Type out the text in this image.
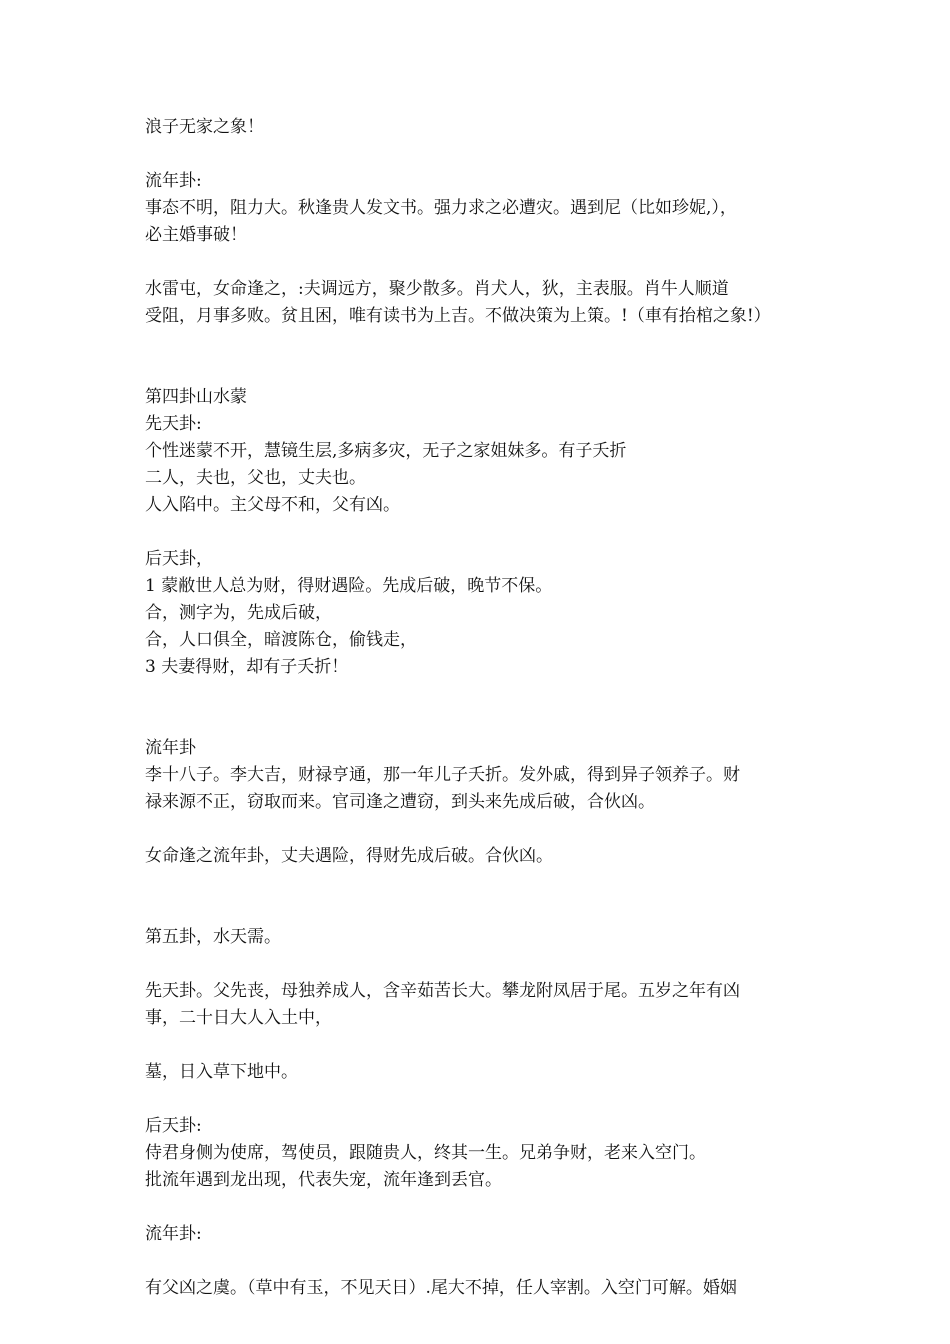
浪子无家之象！
流年卦:
事态不明，阻力大。秋逢贵人发文书。强力求之必遭灾。遇到尼（比如珍妮,），
必主婚事破！
水雷屯，女命逢之，:夫调远方，聚少散多。肖犬人，狄，主表服。肖牛人顺道
受阻，月事多败。贫且困，唯有读书为上吉。不做决策为上策。!（車有抬棺之象!）
第四卦山水蒙
先天卦:
个性迷蒙不开，慧镜生层,多病多灾，无子之家姐妹多。有子夭折
二人，夫也，父也，丈夫也。
人入陷中。主父母不和，父有凶。
后天卦，
1 蒙敝世人总为财，得财遇险。先成后破，晚节不保。
合，测字为，先成后破，
合，人口俱全，暗渡陈仓，偷钱走，
3 夫妻得财，却有子夭折！
流年卦
李十八子。李大吉，财禄亨通，那一年儿子夭折。发外戚，得到异子领养子。财
禄来源不正，窃取而来。官司逢之遭窃，到头来先成后破，合伙凶。
女命逢之流年卦，丈夫遇险，得财先成后破。合伙凶。
第五卦，水天需。
先天卦。父先丧，母独养成人，含辛茹苦长大。攀龙附凤居于尾。五岁之年有凶
事，二十日大人入土中，
墓，日入草下地中。
后天卦:
侍君身侧为使席，驾使员，跟随贵人，终其一生。兄弟争财，老来入空门。
批流年遇到龙出现，代表失宠，流年逢到丢官。
流年卦:
有父凶之虞。（草中有玉，不见天日）.尾大不掉，任人宰割。入空门可解。婚姻
